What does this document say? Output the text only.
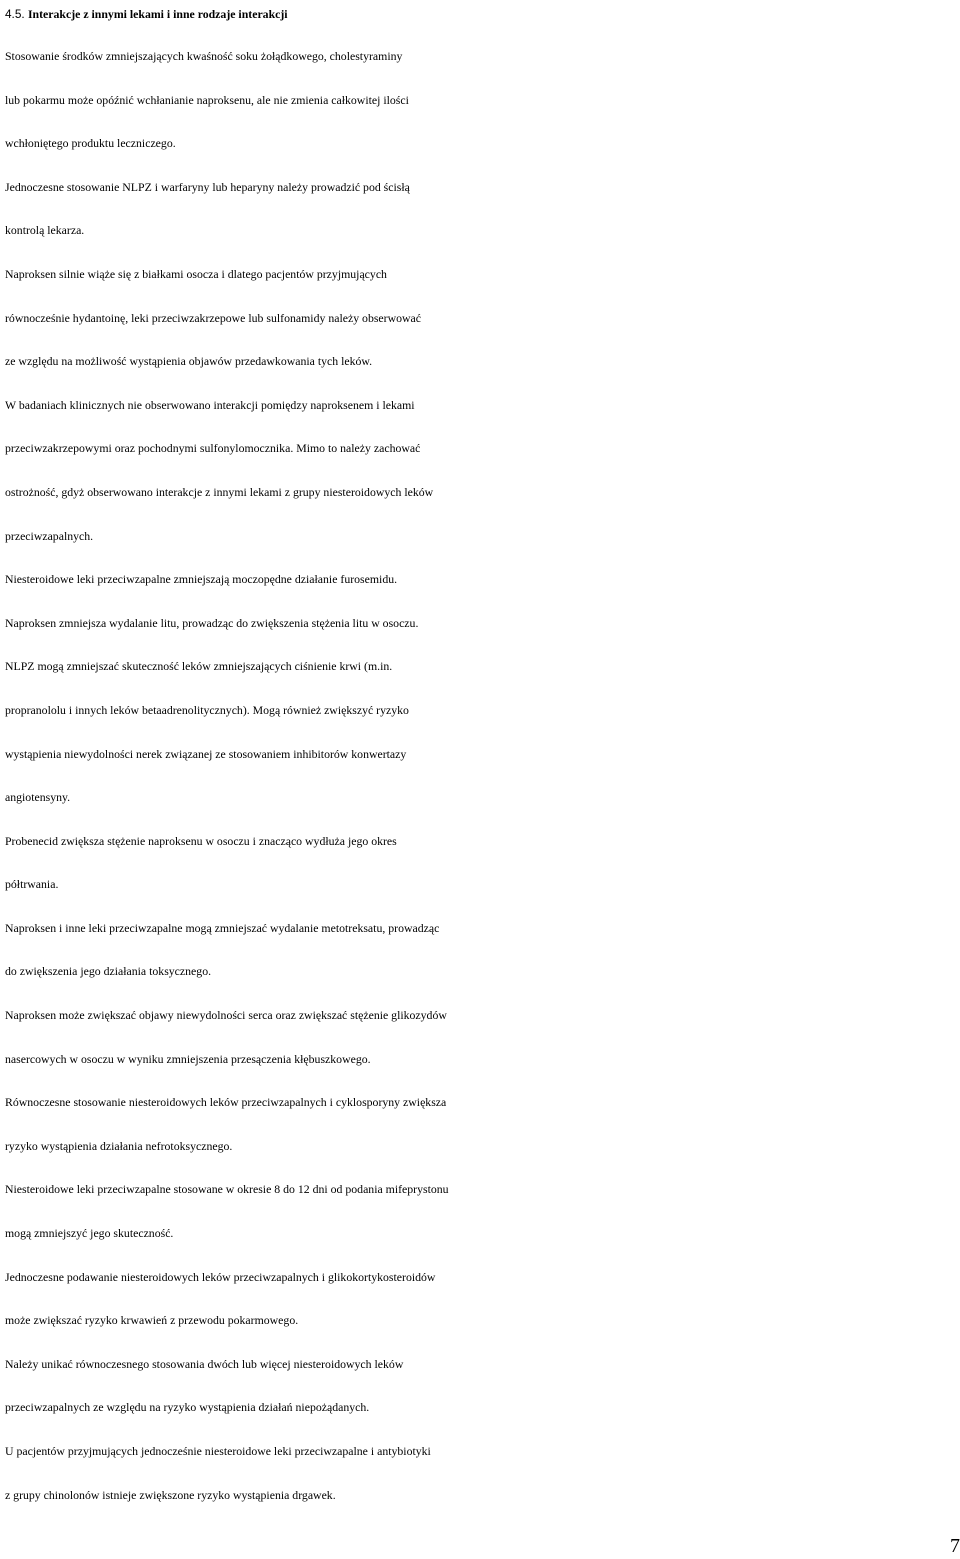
4.5. Interakcje z innymi lekami i inne rodzaje interakcji

Stosowanie środków zmniejszających kwaśność soku żołądkowego, cholestyraminy

lub pokarmu może opóźnić wchłanianie naproksenu, ale nie zmienia całkowitej ilości

wchłoniętego produktu leczniczego.

Jednoczesne stosowanie NLPZ i warfaryny lub heparyny należy prowadzić pod ścisłą

kontrolą lekarza.

Naproksen silnie wiąże się z białkami osocza i dlatego pacjentów przyjmujących

równocześnie hydantoinę, leki przeciwzakrzepowe lub sulfonamidy należy obserwować

ze względu na możliwość wystąpienia objawów przedawkowania tych leków.

W badaniach klinicznych nie obserwowano interakcji pomiędzy naproksenem i lekami

przeciwzakrzepowymi oraz pochodnymi sulfonylomocznika. Mimo to należy zachować

ostrożność, gdyż obserwowano interakcje z innymi lekami z grupy niesteroidowych leków

przeciwzapalnych.

Niesteroidowe leki przeciwzapalne zmniejszają moczopędne działanie furosemidu.

Naproksen zmniejsza wydalanie litu, prowadząc do zwiększenia stężenia litu w osoczu.

NLPZ mogą zmniejszać skuteczność leków zmniejszających ciśnienie krwi (m.in.

propranololu i innych leków betaadrenolitycznych). Mogą również zwiększyć ryzyko

wystąpienia niewydolności nerek związanej ze stosowaniem inhibitorów konwertazy

angiotensyny.

Probenecid zwiększa stężenie naproksenu w osoczu i znacząco wydłuża jego okres

półtrwania.

Naproksen i inne leki przeciwzapalne mogą zmniejszać wydalanie metotreksatu, prowadząc

do zwiększenia jego działania toksycznego.

Naproksen może zwiększać objawy niewydolności serca oraz zwiększać stężenie glikozydów

nasercowych w osoczu w wyniku zmniejszenia przesączenia kłębuszkowego.

Równoczesne stosowanie niesteroidowych leków przeciwzapalnych i cyklosporyny zwiększa

ryzyko wystąpienia działania nefrotoksycznego.

Niesteroidowe leki przeciwzapalne stosowane w okresie 8 do 12 dni od podania mifeprystonu

mogą zmniejszyć jego skuteczność.

Jednoczesne podawanie niesteroidowych leków przeciwzapalnych i glikokortykosteroidów

może zwiększać ryzyko krwawień z przewodu pokarmowego.

Należy unikać równoczesnego stosowania dwóch lub więcej niesteroidowych leków

przeciwzapalnych ze względu na ryzyko wystąpienia działań niepożądanych.

U pacjentów przyjmujących jednocześnie niesteroidowe leki przeciwzapalne i antybiotyki

z grupy chinolonów istnieje zwiększone ryzyko wystąpienia drgawek.

7
